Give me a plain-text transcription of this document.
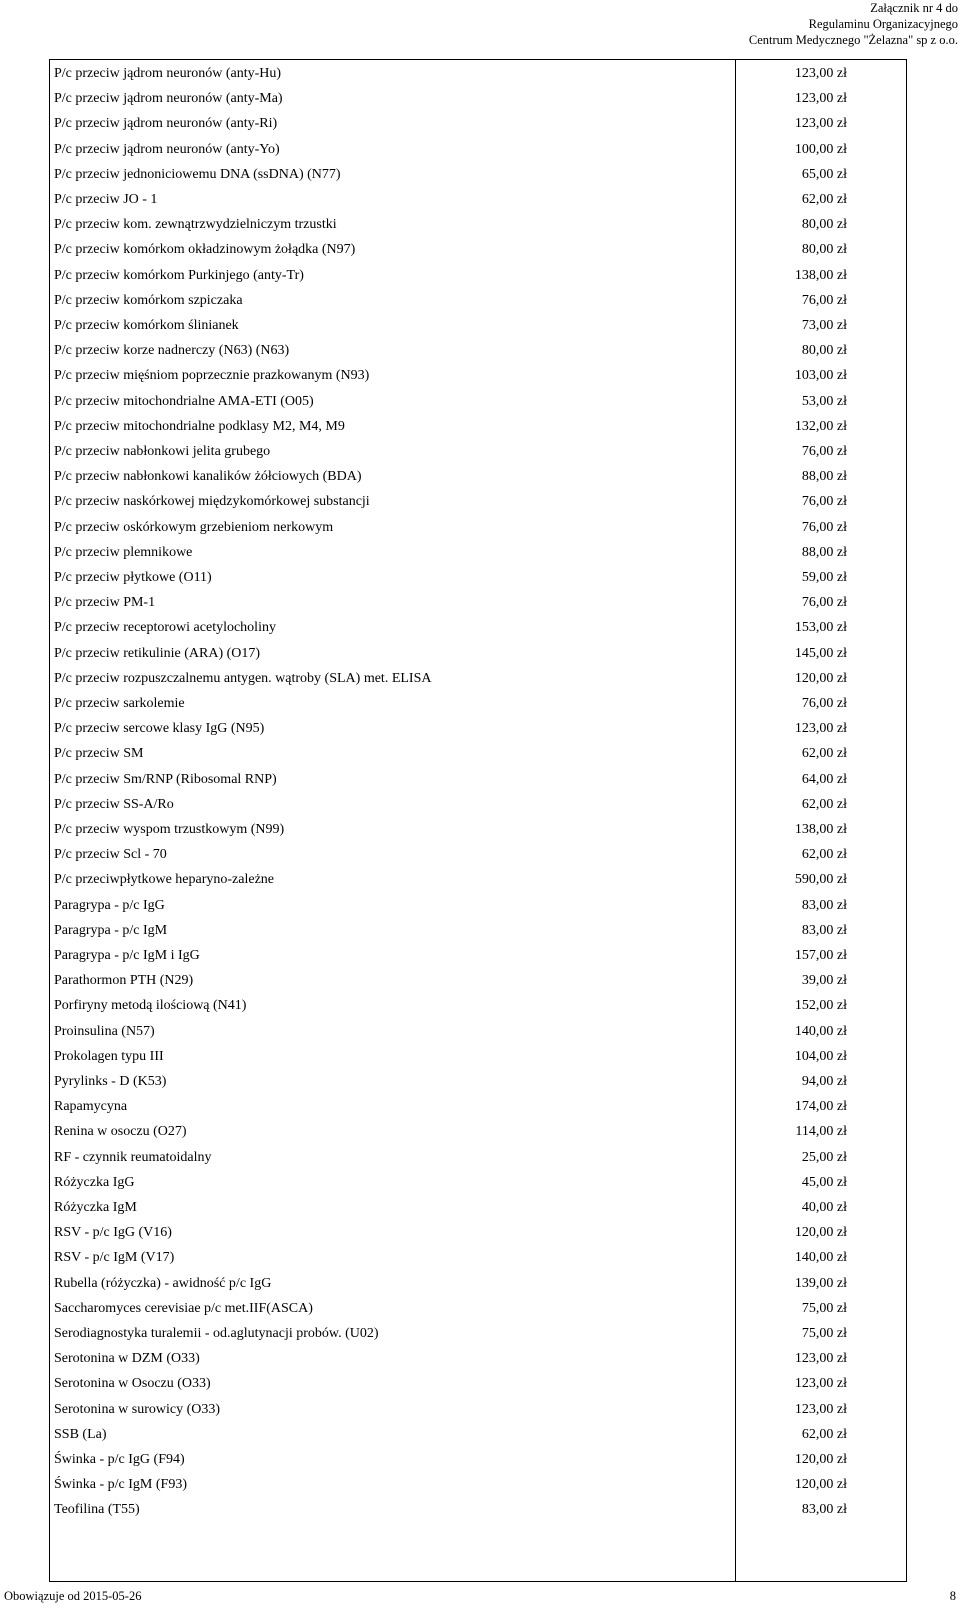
Załącznik nr 4 do
Regulaminu Organizacyjnego
Centrum Medycznego "Żelazna" sp z o.o.
P/c przeciw jądrom neuronów (anty-Hu)	123,00 zł
P/c przeciw jądrom neuronów (anty-Ma)	123,00 zł
P/c przeciw jądrom neuronów (anty-Ri)	123,00 zł
P/c przeciw jądrom neuronów (anty-Yo)	100,00 zł
P/c przeciw jednoniciowemu DNA (ssDNA) (N77)	65,00 zł
P/c przeciw JO - 1	62,00 zł
P/c przeciw kom. zewnątrzwydzielniczym trzustki	80,00 zł
P/c przeciw komórkom okładzinowym żołądka (N97)	80,00 zł
P/c przeciw komórkom Purkinjego (anty-Tr)	138,00 zł
P/c przeciw komórkom szpiczaka	76,00 zł
P/c przeciw komórkom ślinianek	73,00 zł
P/c przeciw korze nadnerczy (N63) (N63)	80,00 zł
P/c przeciw mięśniom poprzecznie prazkowanym (N93)	103,00 zł
P/c przeciw mitochondrialne AMA-ETI (O05)	53,00 zł
P/c przeciw mitochondrialne podklasy M2, M4, M9	132,00 zł
P/c przeciw nabłonkowi jelita grubego	76,00 zł
P/c przeciw nabłonkowi kanalików żółciowych (BDA)	88,00 zł
P/c przeciw naskórkowej międzykomórkowej substancji	76,00 zł
P/c przeciw oskórkowym grzebieniom nerkowym	76,00 zł
P/c przeciw plemnikowe	88,00 zł
P/c przeciw płytkowe (O11)	59,00 zł
P/c przeciw PM-1	76,00 zł
P/c przeciw receptorowi acetylocholiny	153,00 zł
P/c przeciw retikulinie (ARA) (O17)	145,00 zł
P/c przeciw rozpuszczalnemu antygen. wątroby (SLA) met. ELISA	120,00 zł
P/c przeciw sarkolemie	76,00 zł
P/c przeciw sercowe klasy IgG (N95)	123,00 zł
P/c przeciw SM	62,00 zł
P/c przeciw Sm/RNP (Ribosomal RNP)	64,00 zł
P/c przeciw SS-A/Ro	62,00 zł
P/c przeciw wyspom trzustkowym (N99)	138,00 zł
P/c przeciw Scl - 70	62,00 zł
P/c przeciwpłytkowe heparyno-zależne	590,00 zł
Paragrypa - p/c IgG	83,00 zł
Paragrypa - p/c IgM	83,00 zł
Paragrypa - p/c IgM i IgG	157,00 zł
Parathormon PTH (N29)	39,00 zł
Porfiryny metodą ilościową (N41)	152,00 zł
Proinsulina (N57)	140,00 zł
Prokolagen typu III	104,00 zł
Pyrylinks - D (K53)	94,00 zł
Rapamycyna	174,00 zł
Renina w osoczu (O27)	114,00 zł
RF - czynnik reumatoidalny	25,00 zł
Różyczka IgG	45,00 zł
Różyczka IgM	40,00 zł
RSV - p/c IgG (V16)	120,00 zł
RSV - p/c IgM (V17)	140,00 zł
Rubella (różyczka) - awidność p/c IgG	139,00 zł
Saccharomyces cerevisiae p/c met.IIF(ASCA)	75,00 zł
Serodiagnostyka turalemii - od.aglutynacji probów. (U02)	75,00 zł
Serotonina w DZM (O33)	123,00 zł
Serotonina w Osoczu (O33)	123,00 zł
Serotonina w surowicy (O33)	123,00 zł
SSB (La)	62,00 zł
Świnka - p/c IgG (F94)	120,00 zł
Świnka - p/c IgM (F93)	120,00 zł
Teofilina (T55)	83,00 zł
Obowiązuje od 2015-05-26	8
